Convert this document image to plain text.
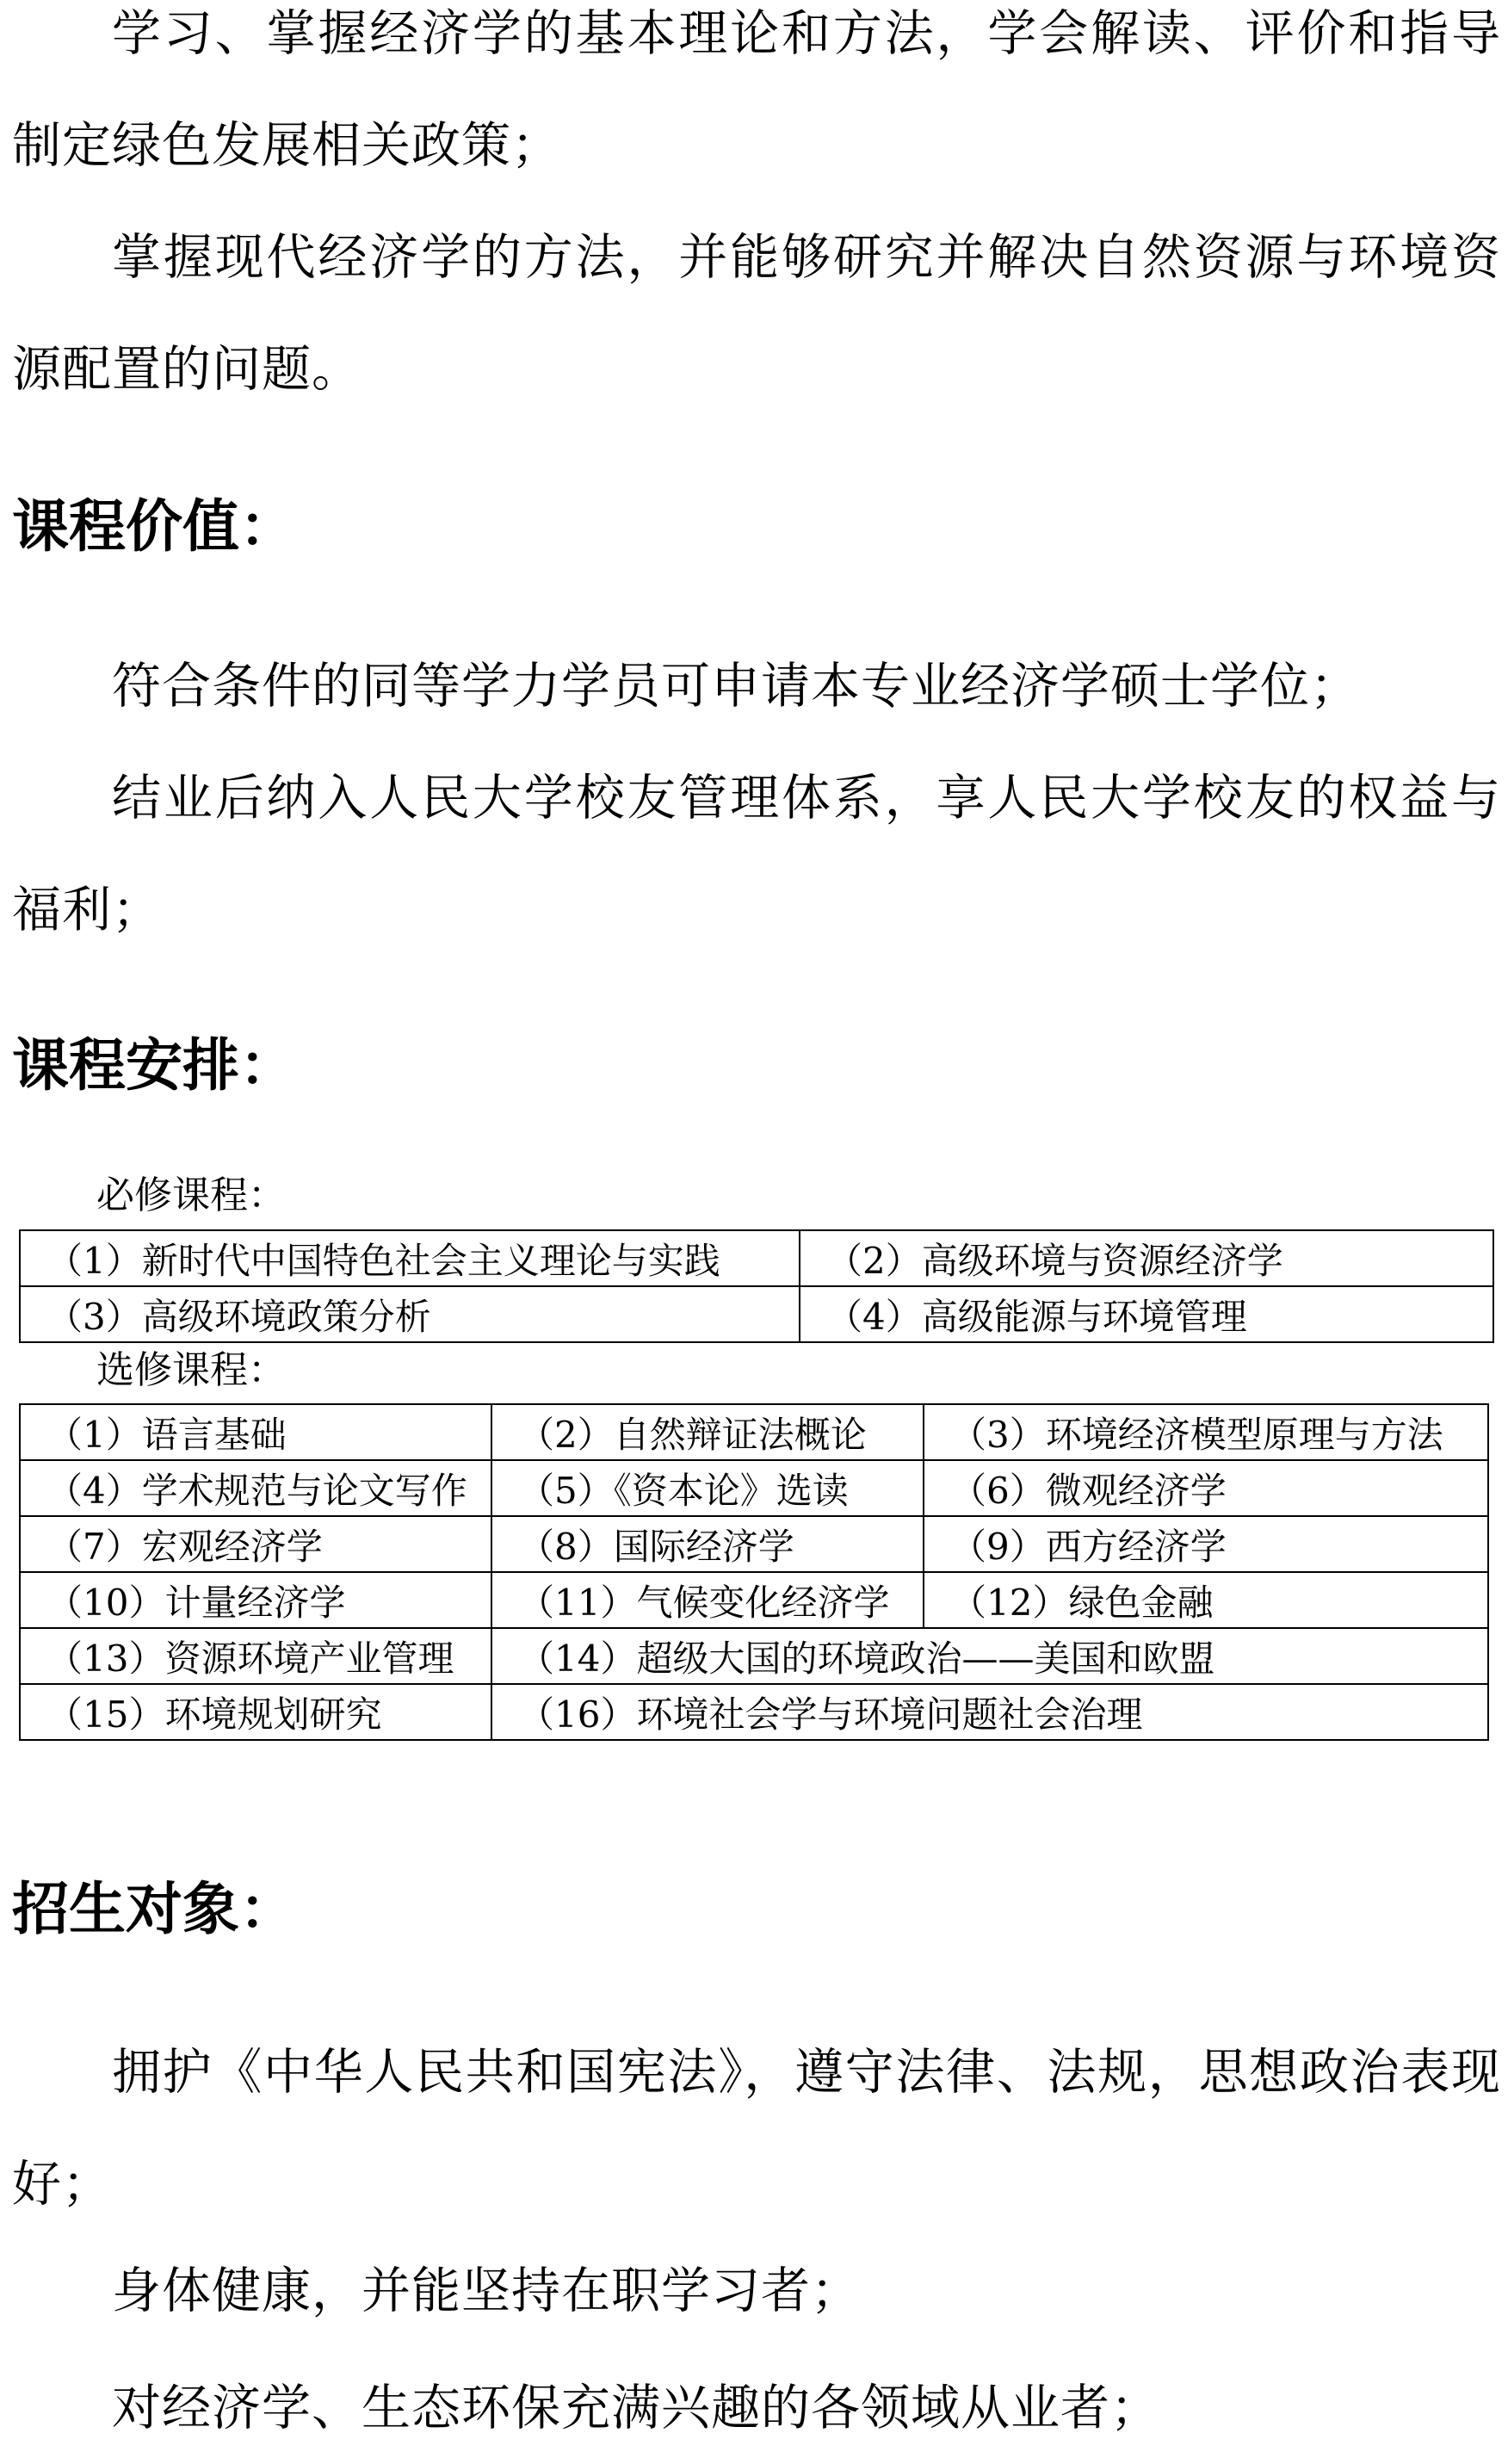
学习、掌握经济学的基本理论和方法，学会解读、评价和指导制定绿色发展相关政策；

掌握现代经济学的方法，并能够研究并解决自然资源与环境资源配置的问题。

课程价值：

符合条件的同等学力学员可申请本专业经济学硕士学位；

结业后纳入人民大学校友管理体系，享人民大学校友的权益与福利；

课程安排：
必修课程：
（1）新时代中国特色社会主义理论与实践	（2）高级环境与资源经济学
（3）高级环境政策分析	（4）高级能源与环境管理
选修课程：
（1）语言基础	（2）自然辩证法概论	（3）环境经济模型原理与方法
（4）学术规范与论文写作	（5）《资本论》选读	（6）微观经济学
（7）宏观经济学	（8）国际经济学	（9）西方经济学
（10）计量经济学	（11）气候变化经济学	（12）绿色金融
（13）资源环境产业管理	（14）超级大国的环境政治——美国和欧盟	
（15）环境规划研究	（16）环境社会学与环境问题社会治理	
招生对象：

拥护《中华人民共和国宪法》，遵守法律、法规，思想政治表现好；

身体健康，并能坚持在职学习者；

对经济学、生态环保充满兴趣的各领域从业者；
